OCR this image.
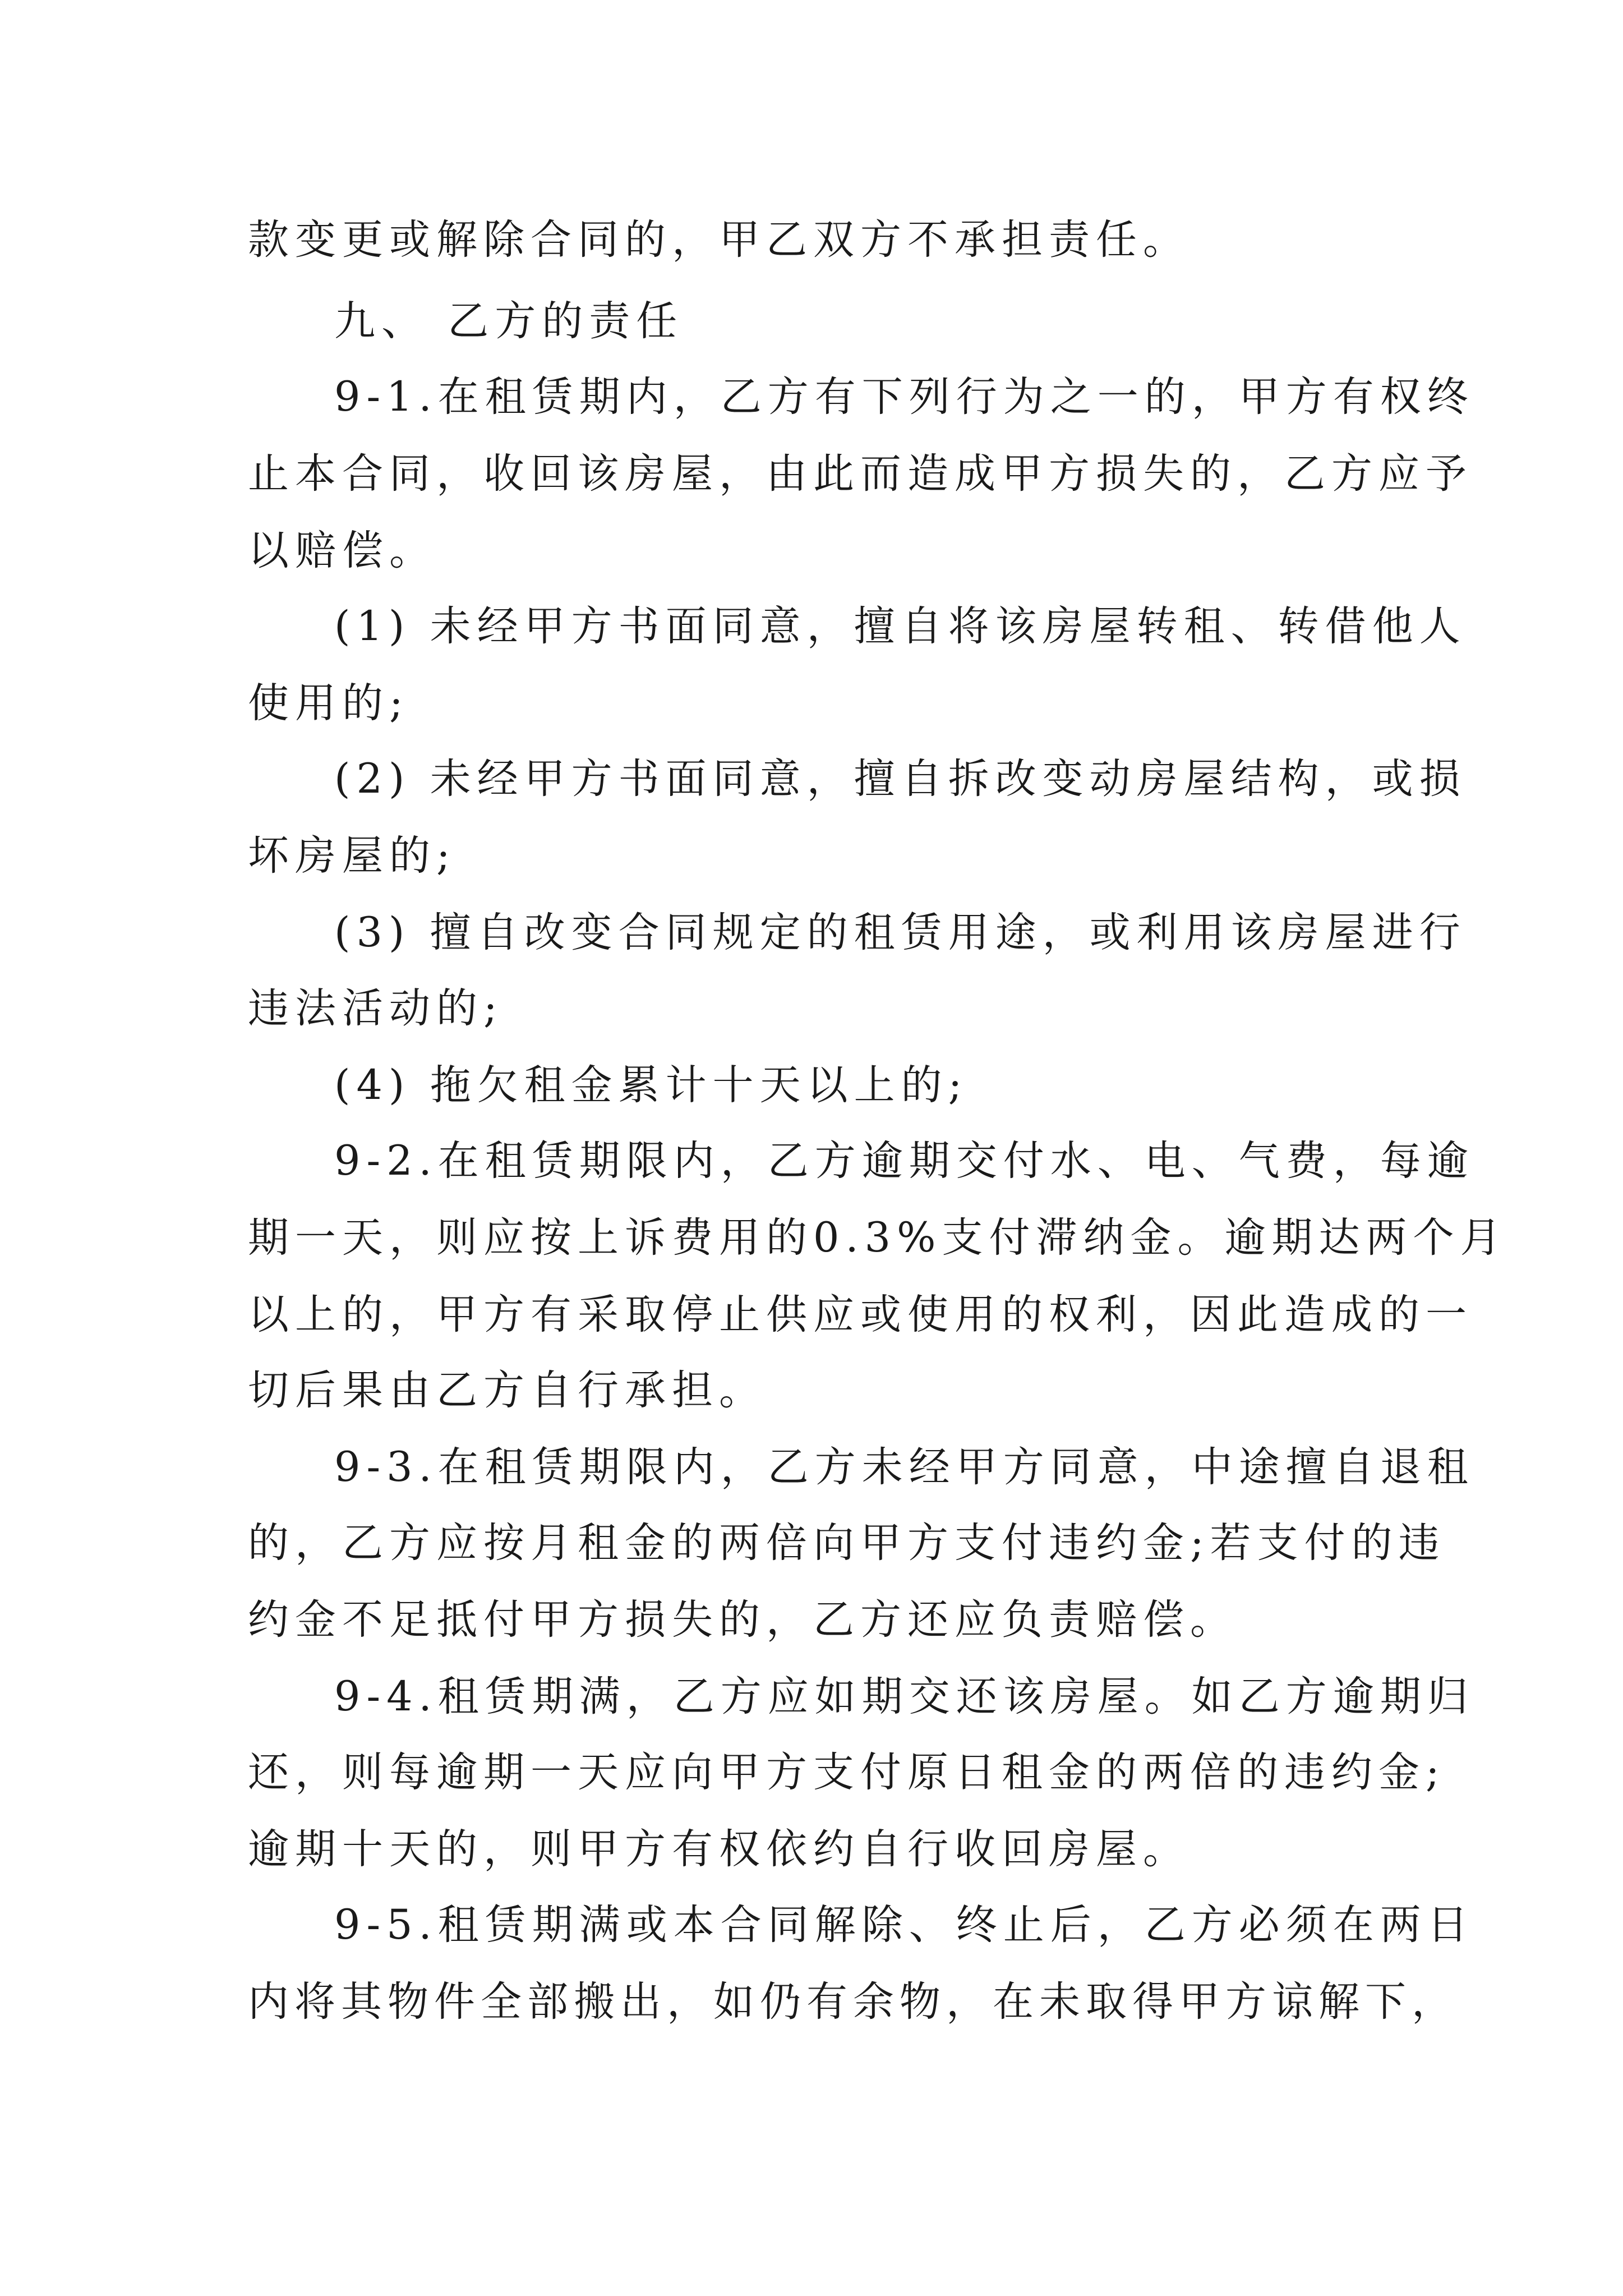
款变更或解除合同的，甲乙双方不承担责任。
九、 乙方的责任
9-1.在租赁期内，乙方有下列行为之一的，甲方有权终
止本合同，收回该房屋，由此而造成甲方损失的，乙方应予
以赔偿。
(1) 未经甲方书面同意，擅自将该房屋转租、转借他人
使用的;
(2) 未经甲方书面同意，擅自拆改变动房屋结构，或损
坏房屋的;
(3) 擅自改变合同规定的租赁用途，或利用该房屋进行
违法活动的;
(4) 拖欠租金累计十天以上的;
9-2.在租赁期限内，乙方逾期交付水、电、气费，每逾
期一天，则应按上诉费用的0.3%支付滞纳金。逾期达两个月
以上的，甲方有采取停止供应或使用的权利，因此造成的一
切后果由乙方自行承担。
9-3.在租赁期限内，乙方未经甲方同意，中途擅自退租
的，乙方应按月租金的两倍向甲方支付违约金;若支付的违
约金不足抵付甲方损失的，乙方还应负责赔偿。
9-4.租赁期满，乙方应如期交还该房屋。如乙方逾期归
还，则每逾期一天应向甲方支付原日租金的两倍的违约金;
逾期十天的，则甲方有权依约自行收回房屋。
9-5.租赁期满或本合同解除、终止后，乙方必须在两日
内将其物件全部搬出，如仍有余物，在未取得甲方谅解下，
